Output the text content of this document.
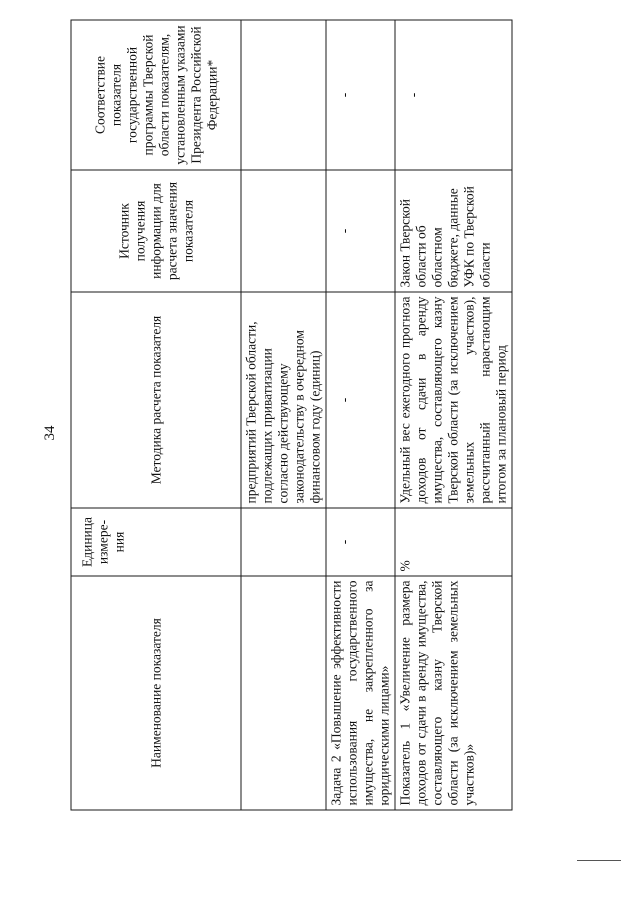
34
Наименование показателя	Единица измере-ния	Методика расчета показателя	Источник получения информации для расчета значения показателя	Соответствие показателя государственной программы Тверской области показателям, установленным указами Президента Российской Федерации*
		предприятий Тверской области, подлежащих приватизации согласно действующему законодательству в очередном финансовом году (единиц)		
Задача 2 «Повышение эффективности использования государственного имущества, не закрепленного за юридическими лицами»	-	-	-	-
Показатель 1 «Увеличение размера доходов от сдачи в аренду имущества, составляющего казну Тверской области (за исключением земельных участков)»	%	Удельный вес ежегодного прогноза доходов от сдачи в аренду имущества, составляющего казну Тверской области (за исключением земельных участков), рассчитанный нарастающим итогом за плановый период	Закон Тверской области об областном бюджете, данные УФК по Тверской области	-
